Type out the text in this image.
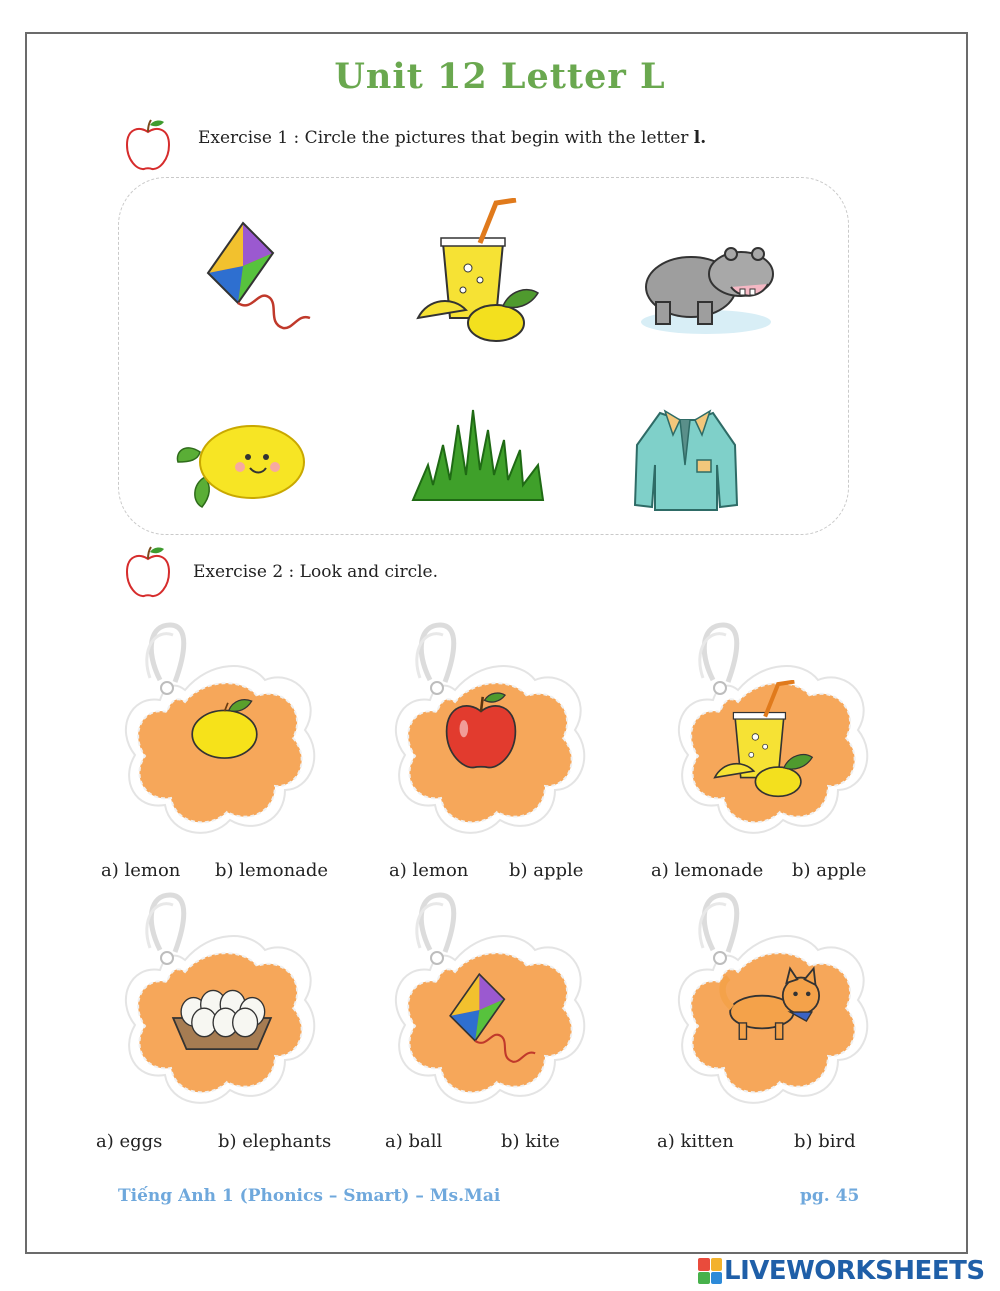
Unit 12 Letter L
Exercise 1 : Circle the pictures that begin with the letter l.
Exercise 2 : Look and circle.
a) lemon b) lemonade	a) lemon b) apple	a) lemonade b) apple
a) eggs	b) elephants	a) ball	b) kite	a) kitten	b) bird
Tiếng Anh 1 (Phonics – Smart) – Ms.Mai	pg. 45
LIVEWORKSHEETS
